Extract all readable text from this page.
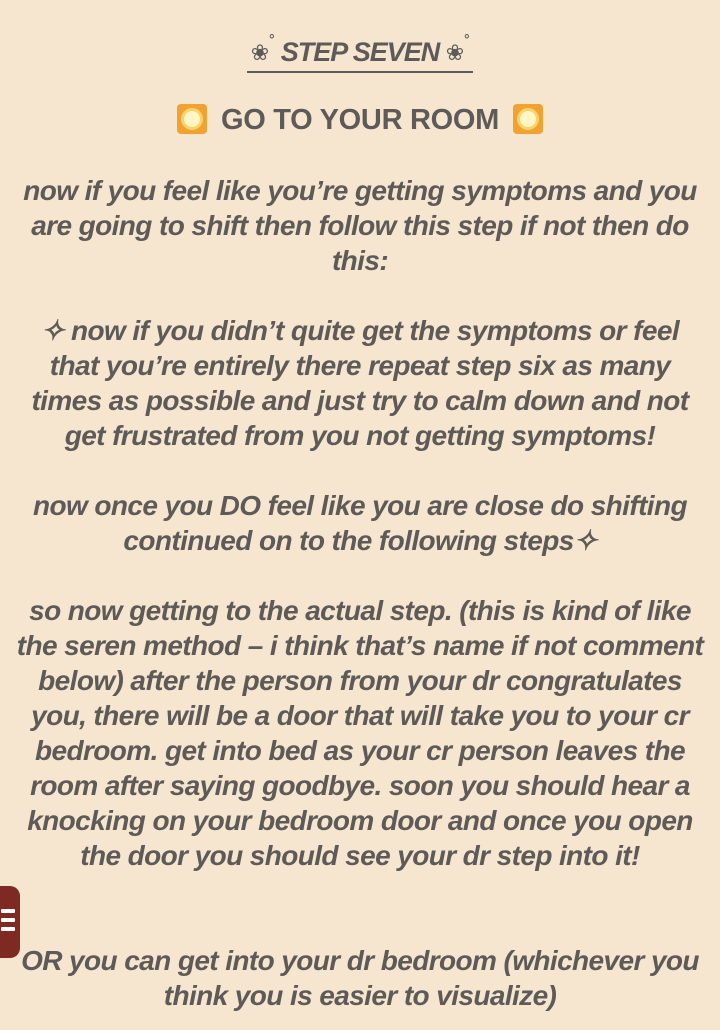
❀˚ STEP SEVEN ❀˚
GO TO YOUR ROOM

now if you feel like you’re getting symptoms and you are going to shift then follow this step if not then do this:

✧ now if you didn’t quite get the symptoms or feel that you’re entirely there repeat step six as many times as possible and just try to calm down and not get frustrated from you not getting symptoms!

now once you DO feel like you are close do shifting continued on to the following steps✧

so now getting to the actual step. (this is kind of like the seren method – i think that’s name if not comment below) after the person from your dr congratulates you, there will be a door that will take you to your cr bedroom. get into bed as your cr person leaves the room after saying goodbye. soon you should hear a knocking on your bedroom door and once you open the door you should see your dr step into it!

OR you can get into your dr bedroom (whichever you think you is easier to visualize)
